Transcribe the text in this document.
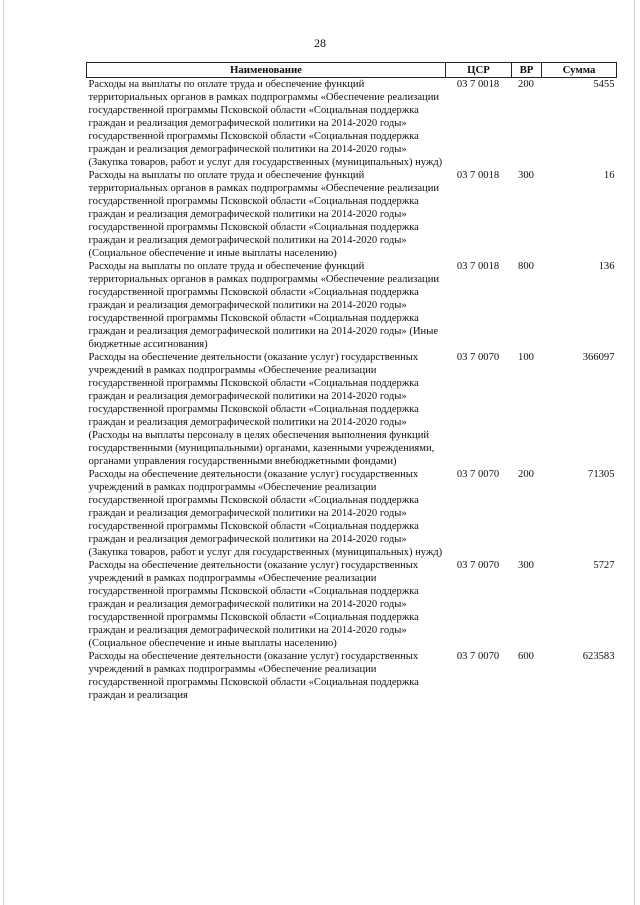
28
Наименование	ЦСР	ВР	Сумма
Расходы на выплаты по оплате труда и обеспечение функций территориальных органов в рамках подпрограммы «Обеспечение реализации государственной программы Псковской области «Социальная поддержка граждан и реализация демографической политики на 2014-2020 годы» государственной программы Псковской области «Социальная поддержка граждан и реализация демографической политики на 2014-2020 годы» (Закупка товаров, работ и услуг для государственных (муниципальных) нужд)	03 7 0018	200	5455
Расходы на выплаты по оплате труда и обеспечение функций территориальных органов в рамках подпрограммы «Обеспечение реализации государственной программы Псковской области «Социальная поддержка граждан и реализация демографической политики на 2014-2020 годы» государственной программы Псковской области «Социальная поддержка граждан и реализация демографической политики на 2014-2020 годы» (Социальное обеспечение и иные выплаты населению)	03 7 0018	300	16
Расходы на выплаты по оплате труда и обеспечение функций территориальных органов в рамках подпрограммы «Обеспечение реализации государственной программы Псковской области «Социальная поддержка граждан и реализация демографической политики на 2014-2020 годы» государственной программы Псковской области «Социальная поддержка граждан и реализация демографической политики на 2014-2020 годы» (Иные бюджетные ассигнования)	03 7 0018	800	136
Расходы на обеспечение деятельности (оказание услуг) государственных учреждений в рамках подпрограммы «Обеспечение реализации государственной программы Псковской области «Социальная поддержка граждан и реализация демографической политики на 2014-2020 годы» государственной программы Псковской области «Социальная поддержка граждан и реализация демографической политики на 2014-2020 годы» (Расходы на выплаты персоналу в целях обеспечения выполнения функций государственными (муниципальными) органами, казенными учреждениями, органами управления государственными внебюджетными фондами)	03 7 0070	100	366097
Расходы на обеспечение деятельности (оказание услуг) государственных учреждений в рамках подпрограммы «Обеспечение реализации государственной программы Псковской области «Социальная поддержка граждан и реализация демографической политики на 2014-2020 годы» государственной программы Псковской области «Социальная поддержка граждан и реализация демографической политики на 2014-2020 годы» (Закупка товаров, работ и услуг для государственных (муниципальных) нужд)	03 7 0070	200	71305
Расходы на обеспечение деятельности (оказание услуг) государственных учреждений в рамках подпрограммы «Обеспечение реализации государственной программы Псковской области «Социальная поддержка граждан и реализация демографической политики на 2014-2020 годы» государственной программы Псковской области «Социальная поддержка граждан и реализация демографической политики на 2014-2020 годы» (Социальное обеспечение и иные выплаты населению)	03 7 0070	300	5727
Расходы на обеспечение деятельности (оказание услуг) государственных учреждений в рамках подпрограммы «Обеспечение реализации государственной программы Псковской области «Социальная поддержка граждан и реализация	03 7 0070	600	623583
